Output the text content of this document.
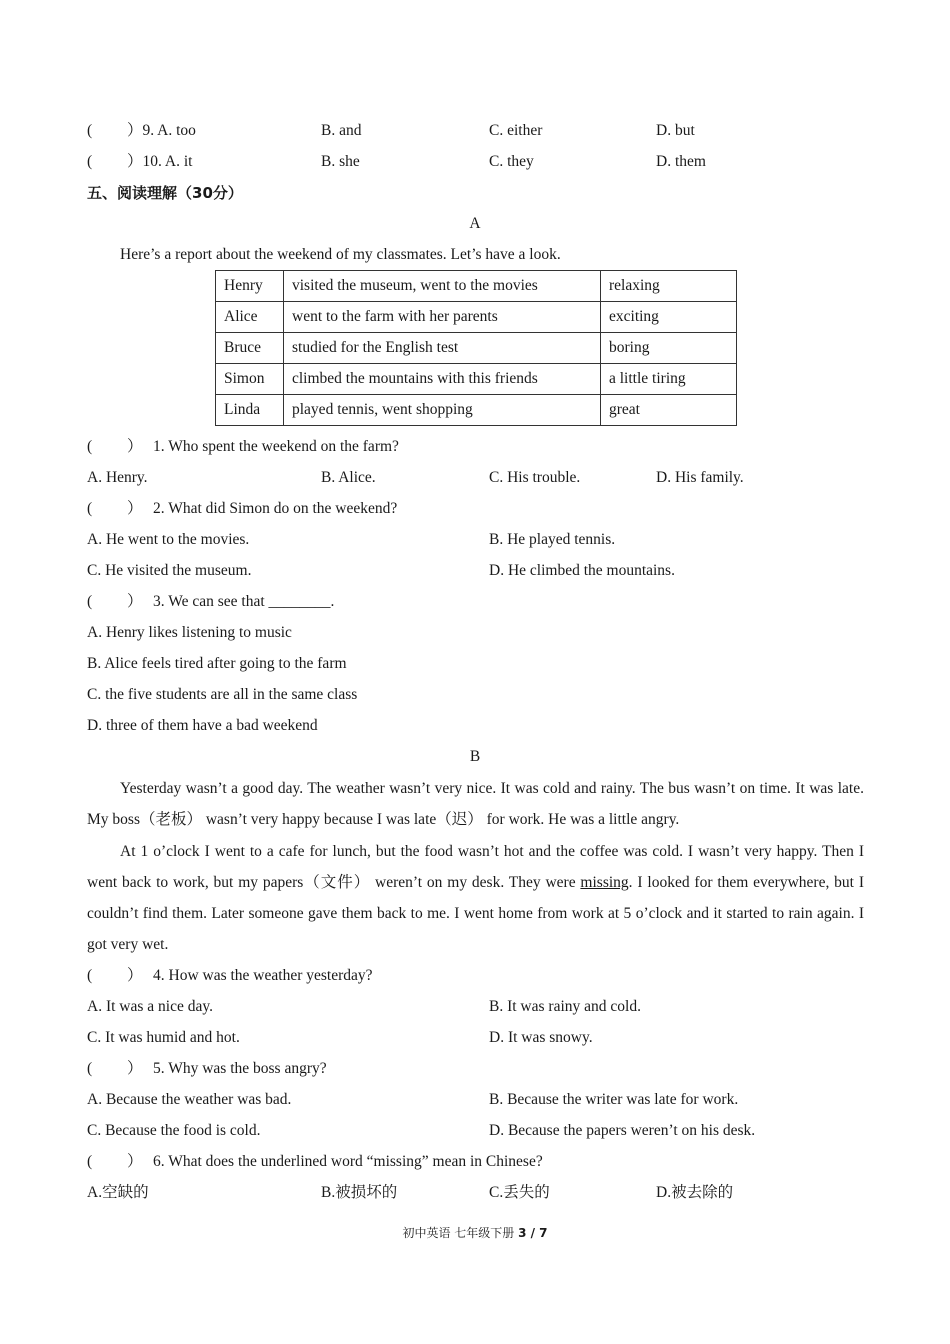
(　　 ）9. A. too	B. and	C. either	D. but
(　　 ）10. A. it	B. she	C. they	D. them
五、阅读理解（30分）
A
Here’s a report about the weekend of my classmates. Let’s have a look.
Henry	visited the museum, went to the movies	relaxing
Alice	went to the farm with her parents	exciting
Bruce	studied for the English test	boring
Simon	climbed the mountains with this friends	a little tiring
Linda	played tennis, went shopping	great
(　　 ） 1. Who spent the weekend on the farm?
A. Henry.	B. Alice.	C. His trouble.	D. His family.
(　　 ） 2. What did Simon do on the weekend?
A. He went to the movies.	B. He played tennis.
C. He visited the museum.	D. He climbed the mountains.
(　　 ） 3. We can see that ________.
A. Henry likes listening to music
B. Alice feels tired after going to the farm
C. the five students are all in the same class
D. three of them have a bad weekend
B
Yesterday wasn’t a good day. The weather wasn’t very nice. It was cold and rainy. The bus wasn’t on time. It was late. My boss（老板） wasn’t very happy because I was late（迟） for work. He was a little angry.
At 1 o’clock I went to a cafe for lunch, but the food wasn’t hot and the coffee was cold. I wasn’t very happy. Then I went back to work, but my papers（文件） weren’t on my desk. They were missing. I looked for them everywhere, but I couldn’t find them. Later someone gave them back to me. I went home from work at 5 o’clock and it started to rain again. I got very wet.
(　　 ） 4. How was the weather yesterday?
A. It was a nice day.	B. It was rainy and cold.
C. It was humid and hot.	D. It was snowy.
(　　 ） 5. Why was the boss angry?
A. Because the weather was bad.	B. Because the writer was late for work.
C. Because the food is cold.	D. Because the papers weren’t on his desk.
(　　 ） 6. What does the underlined word “missing” mean in Chinese?
A.空缺的	B.被损坏的	C.丢失的	D.被去除的
初中英语 七年级下册 3 / 7
